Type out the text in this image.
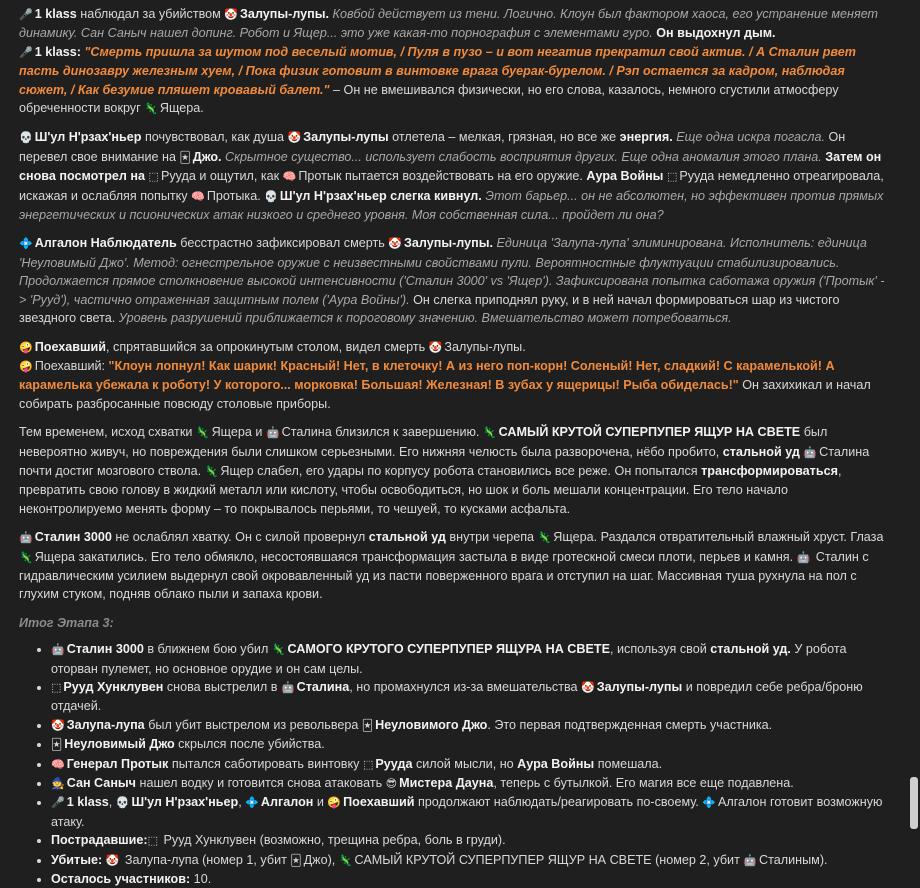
🎤 1 klass наблюдал за убийством 🤡 Залупы-лупы. Ковбой действует из тени. Логично. Клоун был фактором хаоса, его устранение меняет динамику. Сан Саныч нашел допинг. Робот и Ящер... это уже какая-то порнография с элементами гуро. Он выдохнул дым.
🎤 1 klass: "Смерть пришла за шутом под веселый мотив, / Пуля в пузо – и вот негатив прекратил свой актив. / А Сталин рвет пасть динозавру железным хуем, / Пока физик готовит в винтовке врага буерак-бурелом. / Рэп остается за кадром, наблюдая сюжет, / Как безумие пляшет кровавый балет." – Он не вмешивался физически, но его слова, казалось, немного сгустили атмосферу обреченности вокруг 🦎 Ящера.

💀 Ш'ул Н'рзах'ньер почувствовал, как душа 🤡 Залупы-лупы отлетела – мелкая, грязная, но все же энергия. Еще одна искра погасла. Он перевел свое внимание на 🃏 Джо. Скрытное существо... использует слабость восприятия других. Еще одна аномалия этого плана. Затем он снова посмотрел на ⬚ Рууда и ощутил, как 🧠 Протык пытается воздействовать на его оружие. Аура Войны ⬚ Рууда немедленно отреагировала, искажая и ослабляя попытку 🧠 Протыка. 💀 Ш'ул Н'рзах'ньер слегка кивнул. Этот барьер... он не абсолютен, но эффективен против прямых энергетических и псионических атак низкого и среднего уровня. Моя собственная сила... пройдет ли она?

💠 Алгалон Наблюдатель бесстрастно зафиксировал смерть 🤡 Залупы-лупы. Единица 'Залупа-лупа' элиминирована. Исполнитель: единица 'Неуловимый Джо'. Метод: огнестрельное оружие с неизвестными свойствами пули. Вероятностные флуктуации стабилизировались. Продолжается прямое столкновение высокой интенсивности ('Сталин 3000' vs 'Ящер'). Зафиксирована попытка саботажа оружия ('Протык' -> 'Рууд'), частично отраженная защитным полем ('Аура Войны'). Он слегка приподнял руку, и в ней начал формироваться шар из чистого звездного света. Уровень разрушений приближается к пороговому значению. Вмешательство может потребоваться.

🤪 Поехавший, спрятавшийся за опрокинутым столом, видел смерть 🤡 Залупы-лупы.
🤪 Поехавший: "Клоун лопнул! Как шарик! Красный! Нет, в клеточку! А из него поп-корн! Соленый! Нет, сладкий! С карамелькой! А карамелька убежала к роботу! У которого... морковка! Большая! Железная! В зубах у ящерицы! Рыба обиделась!" Он захихикал и начал собирать разбросанные повсюду столовые приборы.

Тем временем, исход схватки 🦎 Ящера и 🤖 Сталина близился к завершению. 🦎 САМЫЙ КРУТОЙ СУПЕРПУПЕР ЯЩУР НА СВЕТЕ был невероятно живуч, но повреждения были слишком серьезными. Его нижняя челюсть была разворочена, нёбо пробито, стальной уд 🤖 Сталина почти достиг мозгового ствола. 🦎 Ящер слабел, его удары по корпусу робота становились все реже. Он попытался трансформироваться, превратить свою голову в жидкий металл или кислоту, чтобы освободиться, но шок и боль мешали концентрации. Его тело начало неконтролируемо менять форму – то покрывалось перьями, то чешуей, то кусками асфальта.

🤖 Сталин 3000 не ослаблял хватку. Он с силой провернул стальной уд внутри черепа 🦎 Ящера. Раздался отвратительный влажный хруст. Глаза 🦎 Ящера закатились. Его тело обмякло, несостоявшаяся трансформация застыла в виде гротескной смеси плоти, перьев и камня. 🤖 Сталин с гидравлическим усилием выдернул свой окровавленный уд из пасти поверженного врага и отступил на шаг. Массивная туша рухнула на пол с глухим стуком, подняв облако пыли и запаха крови.

Итог Этапа 3:
• 🤖 Сталин 3000 в ближнем бою убил 🦎 САМОГО КРУТОГО СУПЕРПУПЕР ЯЩУРА НА СВЕТЕ, используя свой стальной уд. У робота оторван пулемет, но основное орудие и он сам целы.
• ⬚ Рууд Хунклувен снова выстрелил в 🤖 Сталина, но промахнулся из-за вмешательства 🤡 Залупы-лупы и повредил себе ребра/броню отдачей.
• 🤡 Залупа-лупа был убит выстрелом из револьвера 🃏 Неуловимого Джо. Это первая подтвержденная смерть участника.
• 🃏 Неуловимый Джо скрылся после убийства.
• 🧠 Генерал Протык пытался саботировать винтовку ⬚ Рууда силой мысли, но Аура Войны помешала.
• 🧙 Сан Саныч нашел водку и готовится снова атаковать 😎 Мистера Дауна, теперь с бутылкой. Его магия все еще подавлена.
• 🎤 1 klass, 💀 Ш'ул Н'рзах'ньер, 💠 Алгалон и 🤪 Поехавший продолжают наблюдать/реагировать по-своему. 💠 Алгалон готовит возможную атаку.
• Пострадавшие:⬚ Рууд Хунклувен (возможно, трещина ребра, боль в груди).
• Убитые: 🤡 Залупа-лупа (номер 1, убит 🃏 Джо), 🦎 САМЫЙ КРУТОЙ СУПЕРПУПЕР ЯЩУР НА СВЕТЕ (номер 2, убит 🤖 Сталиным).
• Осталось участников: 10.
